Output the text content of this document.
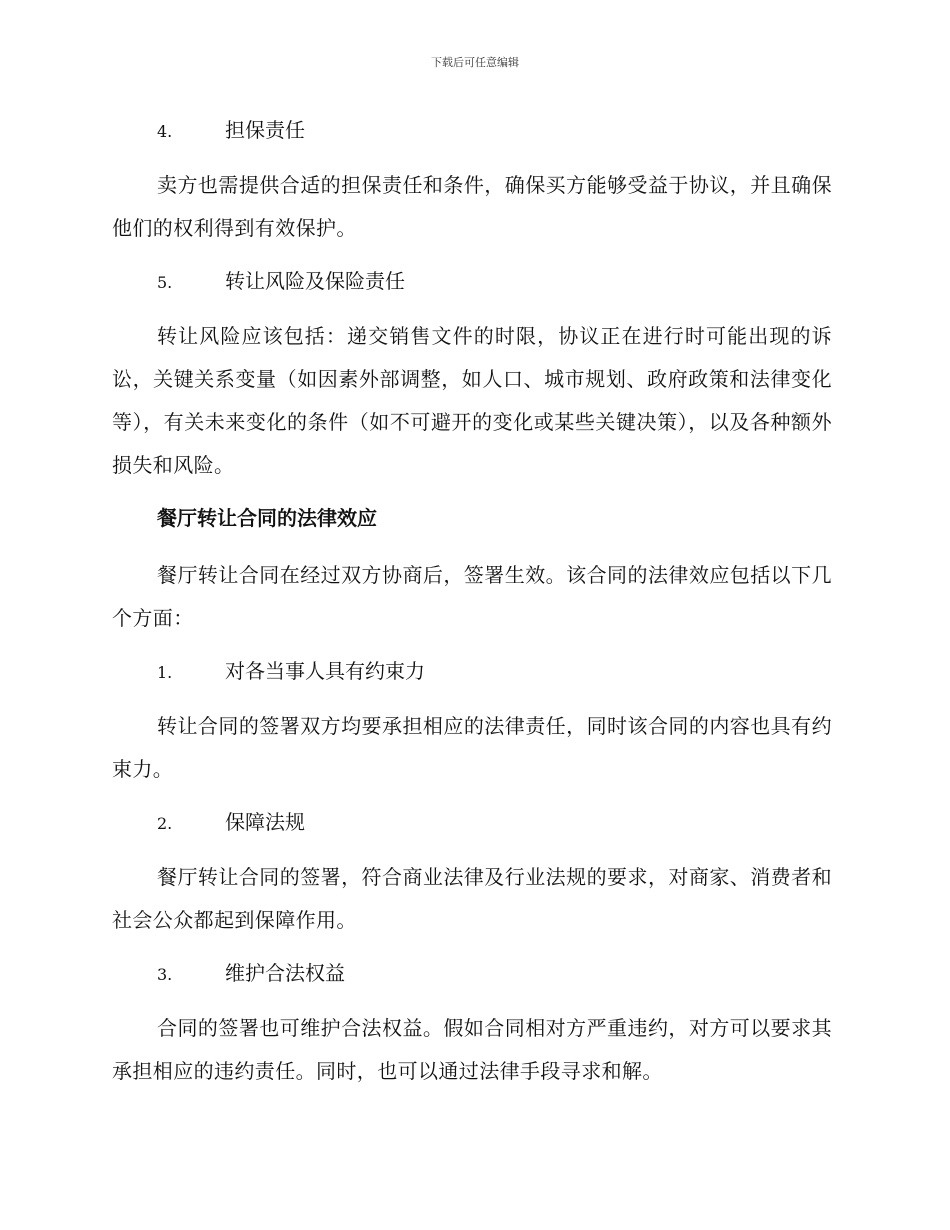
下载后可任意编辑
4.	担保责任

卖方也需提供合适的担保责任和条件，确保买方能够受益于协议，并且确保他们的权利得到有效保护。

5.	转让风险及保险责任

转让风险应该包括：递交销售文件的时限，协议正在进行时可能出现的诉讼，关键关系变量（如因素外部调整，如人口、城市规划、政府政策和法律变化等），有关未来变化的条件（如不可避开的变化或某些关键决策），以及各种额外损失和风险。

餐厅转让合同的法律效应

餐厅转让合同在经过双方协商后，签署生效。该合同的法律效应包括以下几个方面：

1.	对各当事人具有约束力

转让合同的签署双方均要承担相应的法律责任，同时该合同的内容也具有约束力。

2.	保障法规

餐厅转让合同的签署，符合商业法律及行业法规的要求，对商家、消费者和社会公众都起到保障作用。

3.	维护合法权益

合同的签署也可维护合法权益。假如合同相对方严重违约，对方可以要求其承担相应的违约责任。同时，也可以通过法律手段寻求和解。
